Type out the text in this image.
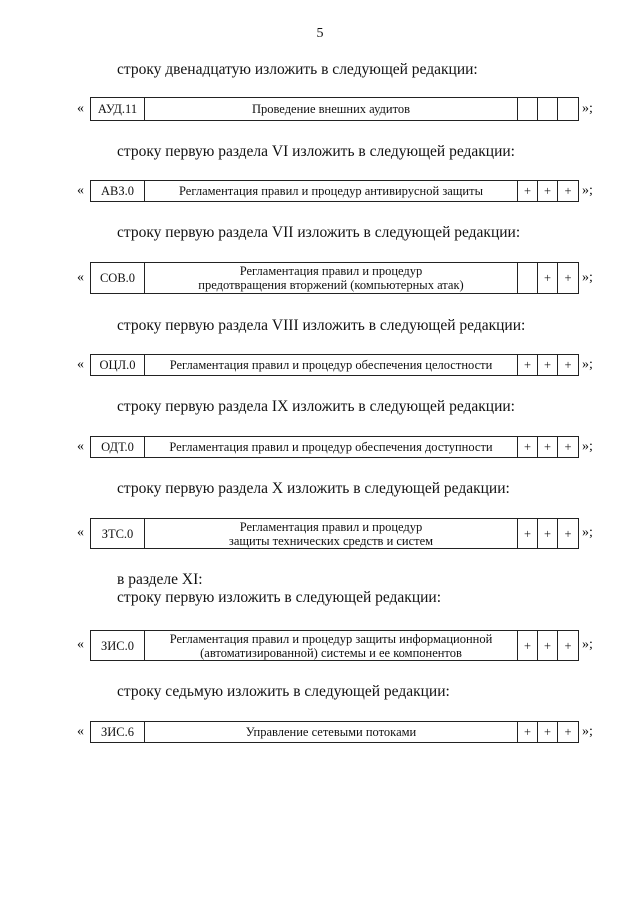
5
строку двенадцатую изложить в следующей редакции:
« АУД.11	Проведение внешних аудитов
				»;
строку первую раздела VI изложить в следующей редакции:
« АВЗ.0	Регламентация правил и процедур антивирусной защиты	+	+	+ »;
строку первую раздела VII изложить в следующей редакции:
« СОВ.0	Регламентация правил и процедур
предотвращения вторжений (компьютерных атак)		+	+ »;
строку первую раздела VIII изложить в следующей редакции:
« ОЦЛ.0	Регламентация правил и процедур обеспечения целостности	+	+	+ »;
строку первую раздела IX изложить в следующей редакции:
« ОДТ.0	Регламентация правил и процедур обеспечения доступности	+	+	+ »;
строку первую раздела X изложить в следующей редакции:
« ЗТС.0	Регламентация правил и процедур
защиты технических средств и систем	+	+	+ »;
в разделе XI:
строку первую изложить в следующей редакции:
« ЗИС.0	Регламентация правил и процедур защиты информационной
(автоматизированной) системы и ее компонентов	+	+	+ »;
строку седьмую изложить в следующей редакции:
« ЗИС.6	Управление сетевыми потоками	+	+	+ »;
